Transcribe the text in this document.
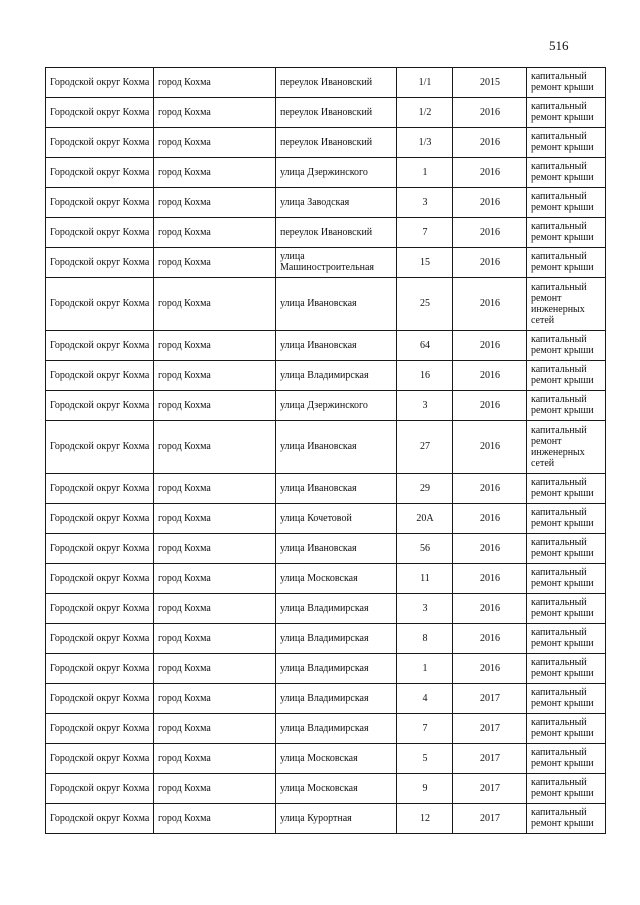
516
Городской округ Кохма	город Кохма	переулок Ивановский	1/1	2015	капитальный ремонт крыши
Городской округ Кохма	город Кохма	переулок Ивановский	1/2	2016	капитальный ремонт крыши
Городской округ Кохма	город Кохма	переулок Ивановский	1/3	2016	капитальный ремонт крыши
Городской округ Кохма	город Кохма	улица Дзержинского	1	2016	капитальный ремонт крыши
Городской округ Кохма	город Кохма	улица Заводская	3	2016	капитальный ремонт крыши
Городской округ Кохма	город Кохма	переулок Ивановский	7	2016	капитальный ремонт крыши
Городской округ Кохма	город Кохма	улица Машиностроительная	15	2016	капитальный ремонт крыши
Городской округ Кохма	город Кохма	улица Ивановская	25	2016	капитальный ремонт инженерных сетей
Городской округ Кохма	город Кохма	улица Ивановская	64	2016	капитальный ремонт крыши
Городской округ Кохма	город Кохма	улица Владимирская	16	2016	капитальный ремонт крыши
Городской округ Кохма	город Кохма	улица Дзержинского	3	2016	капитальный ремонт крыши
Городской округ Кохма	город Кохма	улица Ивановская	27	2016	капитальный ремонт инженерных сетей
Городской округ Кохма	город Кохма	улица Ивановская	29	2016	капитальный ремонт крыши
Городской округ Кохма	город Кохма	улица Кочетовой	20А	2016	капитальный ремонт крыши
Городской округ Кохма	город Кохма	улица Ивановская	56	2016	капитальный ремонт крыши
Городской округ Кохма	город Кохма	улица Московская	11	2016	капитальный ремонт крыши
Городской округ Кохма	город Кохма	улица Владимирская	3	2016	капитальный ремонт крыши
Городской округ Кохма	город Кохма	улица Владимирская	8	2016	капитальный ремонт крыши
Городской округ Кохма	город Кохма	улица Владимирская	1	2016	капитальный ремонт крыши
Городской округ Кохма	город Кохма	улица Владимирская	4	2017	капитальный ремонт крыши
Городской округ Кохма	город Кохма	улица Владимирская	7	2017	капитальный ремонт крыши
Городской округ Кохма	город Кохма	улица Московская	5	2017	капитальный ремонт крыши
Городской округ Кохма	город Кохма	улица Московская	9	2017	капитальный ремонт крыши
Городской округ Кохма	город Кохма	улица Курортная	12	2017	капитальный ремонт крыши
